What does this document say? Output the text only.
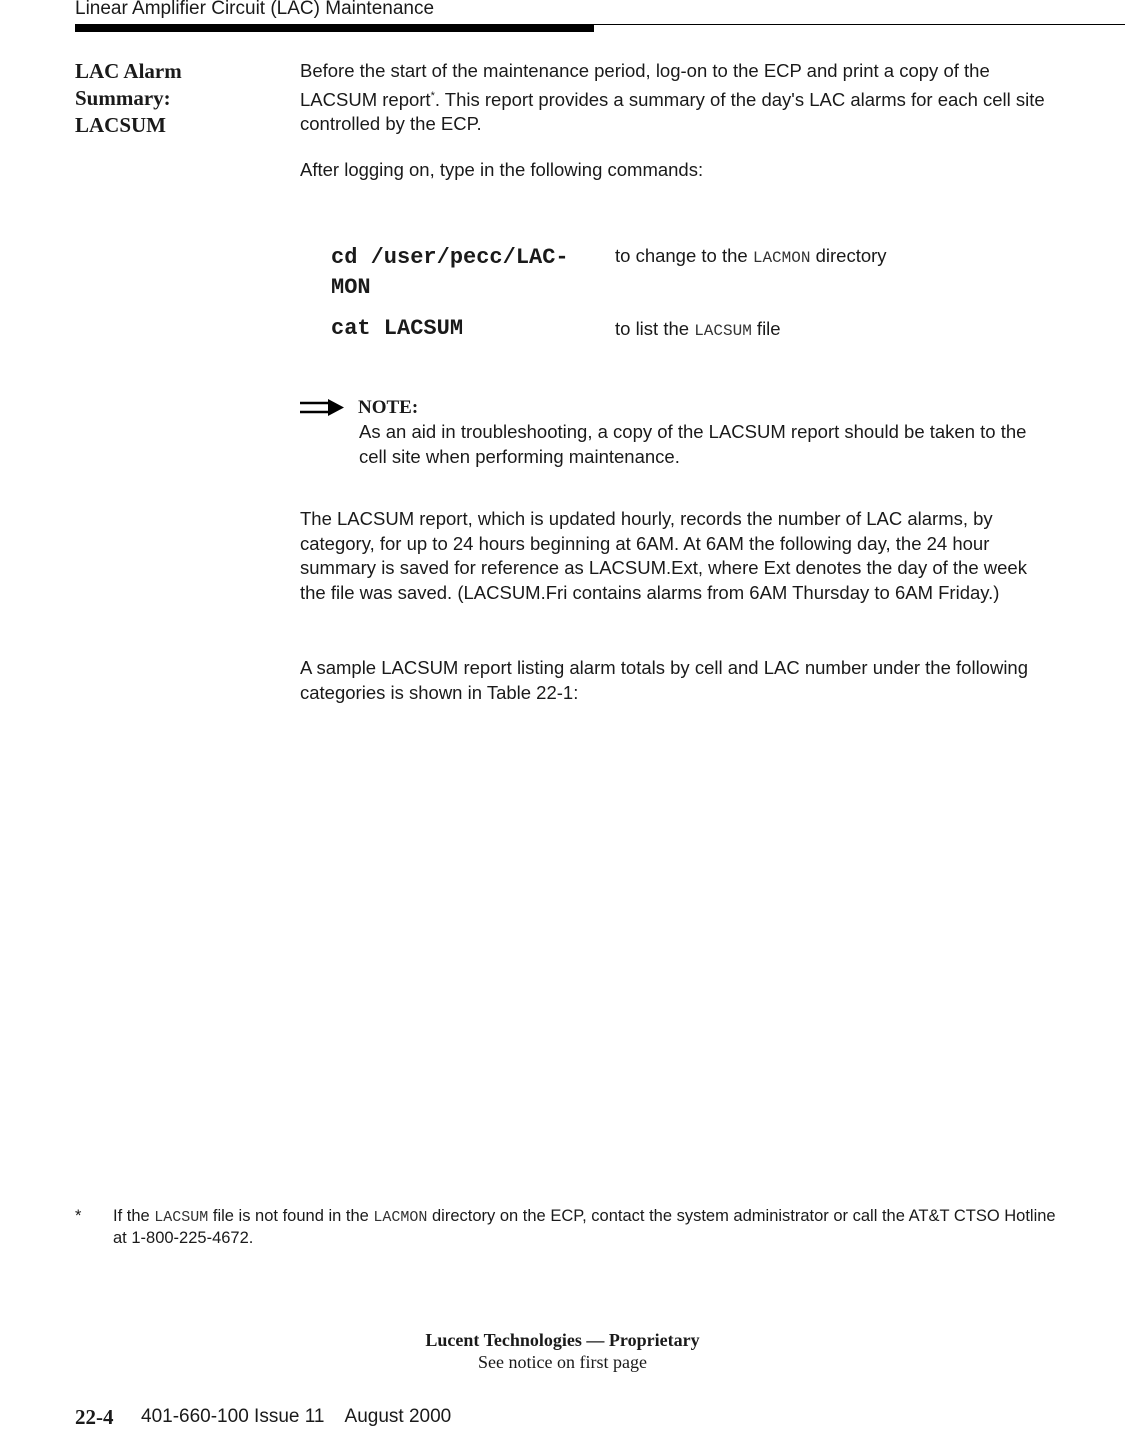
Linear Amplifier Circuit (LAC) Maintenance
LAC Alarm
Summary:
LACSUM
Before the start of the maintenance period, log-on to the ECP and print a copy of the LACSUM report*. This report provides a summary of the day's LAC alarms for each cell site controlled by the ECP.
After logging on, type in the following commands:
cd /user/pecc/LAC-
MON
to change to the LACMON directory
cat LACSUM	to list the LACSUM file
NOTE:
As an aid in troubleshooting, a copy of the LACSUM report should be taken to the cell site when performing maintenance.
The LACSUM report, which is updated hourly, records the number of LAC alarms, by category, for up to 24 hours beginning at 6AM. At 6AM the following day, the 24 hour summary is saved for reference as LACSUM.Ext, where Ext denotes the day of the week the file was saved. (LACSUM.Fri contains alarms from 6AM Thursday to 6AM Friday.)
A sample LACSUM report listing alarm totals by cell and LAC number under the following categories is shown in Table 22-1:
* If the LACSUM file is not found in the LACMON directory on the ECP, contact the system administrator or call the AT&T CTSO Hotline at 1-800-225-4672.
Lucent Technologies — Proprietary
See notice on first page
22-4 401-660-100 Issue 11    August 2000
